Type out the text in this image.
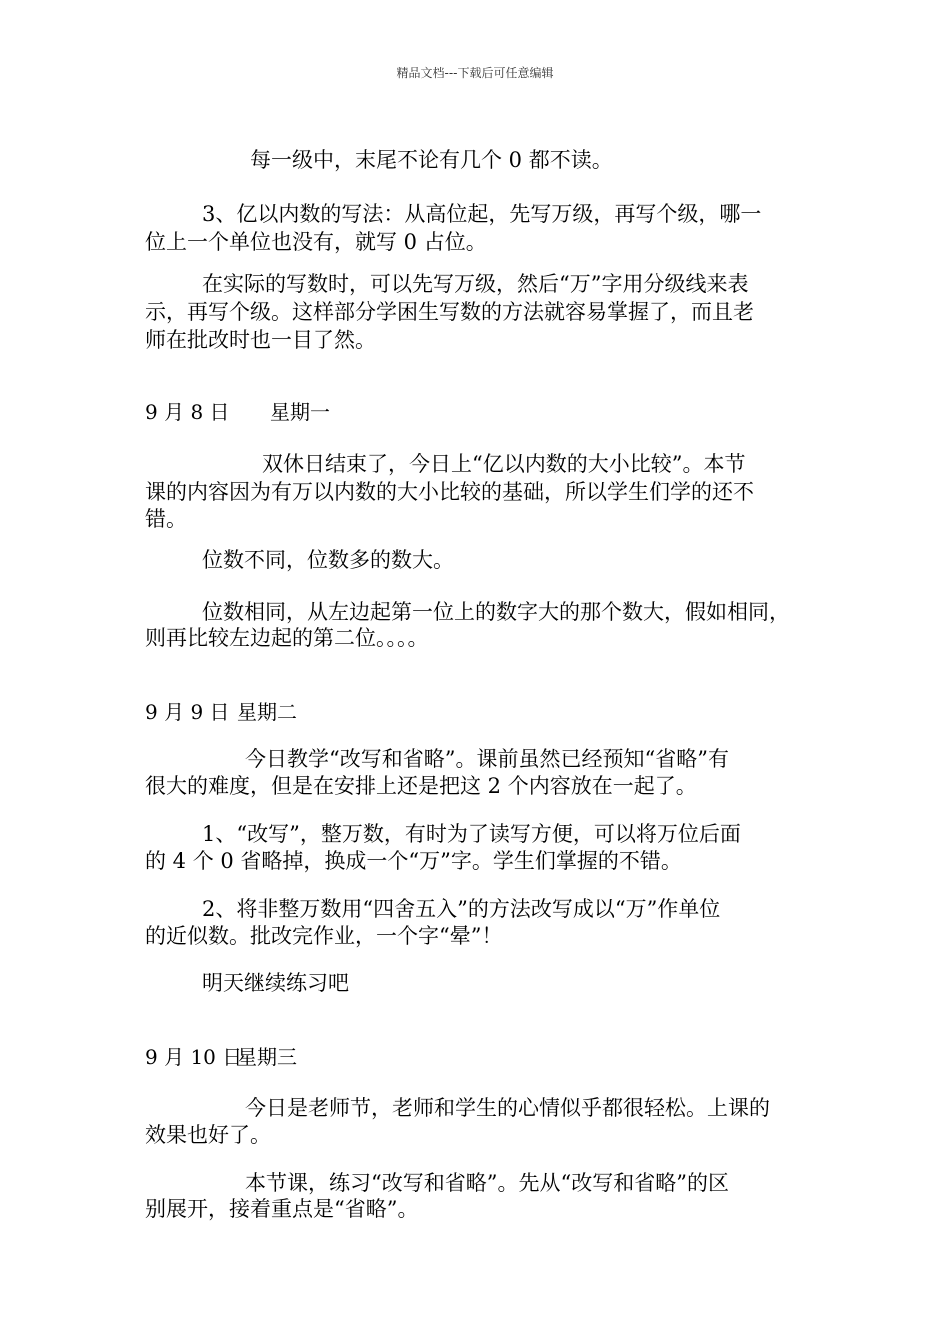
精品文档---下载后可任意编辑
每一级中，末尾不论有几个 0 都不读。
3、亿以内数的写法：从高位起，先写万级，再写个级，哪一
位上一个单位也没有，就写 0 占位。
在实际的写数时，可以先写万级，然后“万”字用分级线来表
示，再写个级。这样部分学困生写数的方法就容易掌握了，而且老
师在批改时也一目了然。
9 月 8 日 星期一
双休日结束了，今日上“亿以内数的大小比较”。本节
课的内容因为有万以内数的大小比较的基础，所以学生们学的还不
错。
位数不同，位数多的数大。
位数相同，从左边起第一位上的数字大的那个数大，假如相同，
则再比较左边起的第二位。。。。
9 月 9 日 星期二
今日教学“改写和省略”。课前虽然已经预知“省略”有
很大的难度，但是在安排上还是把这 2 个内容放在一起了。
1、“改写”，整万数，有时为了读写方便，可以将万位后面
的 4 个 0 省略掉，换成一个“万”字。学生们掌握的不错。
2、将非整万数用“四舍五入”的方法改写成以“万”作单位
的近似数。批改完作业，一个字“晕”！
明天继续练习吧
9 月 10 日
星期三
今日是老师节，老师和学生的心情似乎都很轻松。上课的
效果也好了。
本节课，练习“改写和省略”。先从“改写和省略”的区
别展开，接着重点是“省略”。
